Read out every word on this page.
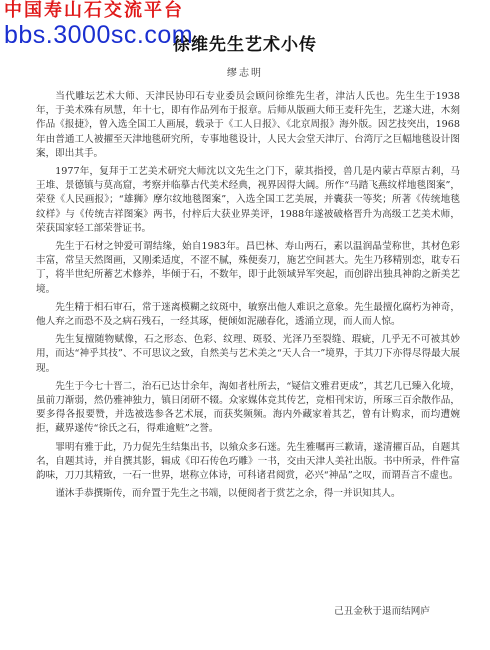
中国寿山石交流平台
bbs.3000sc.com
徐维先生艺术小传
缪志明

当代雕坛艺术大师、天津民协印石专业委员会顾问徐维先生者，津沽人氏也。先生生于1938年，于美术殊有夙慧，年十七，即有作品列布于报章。后师从版画大师王麦秆先生，艺遂大进，木刻作品《报捷》，曾入选全国工人画展，载录于《工人日报》、《北京周报》海外版。因艺技突出，1968年由普通工人被擢至天津地毯研究所，专事地毯设计，人民大会堂天津厅、台湾厅之巨幅地毯设计图案，即出其手。

1977年，复拜于工艺美术研究大师沈以文先生之门下，蒙其指授，兽几是内蒙古草原古剎，马王堆、景德镇与莫高窟，考察并临摹古代美术经典，视界因得大阔。所作“马踏飞燕纹样地毯图案”，荣登《人民画报》；“雄狮》摩尔纹地毯图案”，入选全国工艺美展，并囊获一等奖；所著《传统地毯纹样》与《传统吉祥图案》两书，付梓后大获业界美评，1988年遂被破格晋升为高级工艺美术师，荣获国家轻工部荣誉证书。

先生于石材之钟爱可谓结缘，始自1983年。昌巴林、寿山两石，素以温润晶莹称世，其材色彩丰富，常呈天然图画，又刚柔适度，不涩不腻，殊便奏刀，施艺空间甚大。先生乃移精别恋，耽专石丁，将半世纪所蓄艺术修养，毕倾于石，不数年，即于此领域异军突起，而创辟出独具神韵之新美艺境。

先生精于相石审石，常于迷离模糊之纹斑中，敏察出他人难识之意象。先生最擅化腐朽为神奇，他人弃之而恐不及之病石残石，一经其琢，便倾如泥融春化，透涌立现，而人而人惊。

先生复擅随物赋像，石之形态、色彩、纹理、斑驳、光泽乃至裂缝、瑕疵，几乎无不可被其妙用，而达“神乎其技”、不可思议之致，自然美与艺术美之“天人合一”境界，于其刀下亦得尽得最大展现。

先生于今七十晋二，治石已达廿余年，淘如者杜所去，“疑信文雅君更成”，其艺几已臻入化境，虽前刀渐弱，然仍雅神独力，镇日闭研不辍。众家媒体竞其传艺，竞相刊宋访，所琢三百余散作品，要多得各报要赞，并选被选参各艺术展，而获奖频频。海内外藏家着其艺，曾有计购求，而均遭婉拒，藏界遂传“徐氏之石，得难逾赃”之誉。

罪明有雅于此，乃力促先生结集出书，以飨众多石迷。先生雅嘱再三歉请，遂清擢百品，自题其名，自题其诗，并自撰其影，辑成《印石传色巧雕》一书，交由天津人美社出版。书中所录，件件富韵味，刀刀其精致，一石一世界，堪称立体诗，可科诸君阅赏，必兴“神品”之叹，而谓吾言不虚也。

谨沐手恭撰斯传，而弁置于先生之书端，以便阅者于赏艺之余，得一并识知其人。

己丑金秋于退而结网庐
